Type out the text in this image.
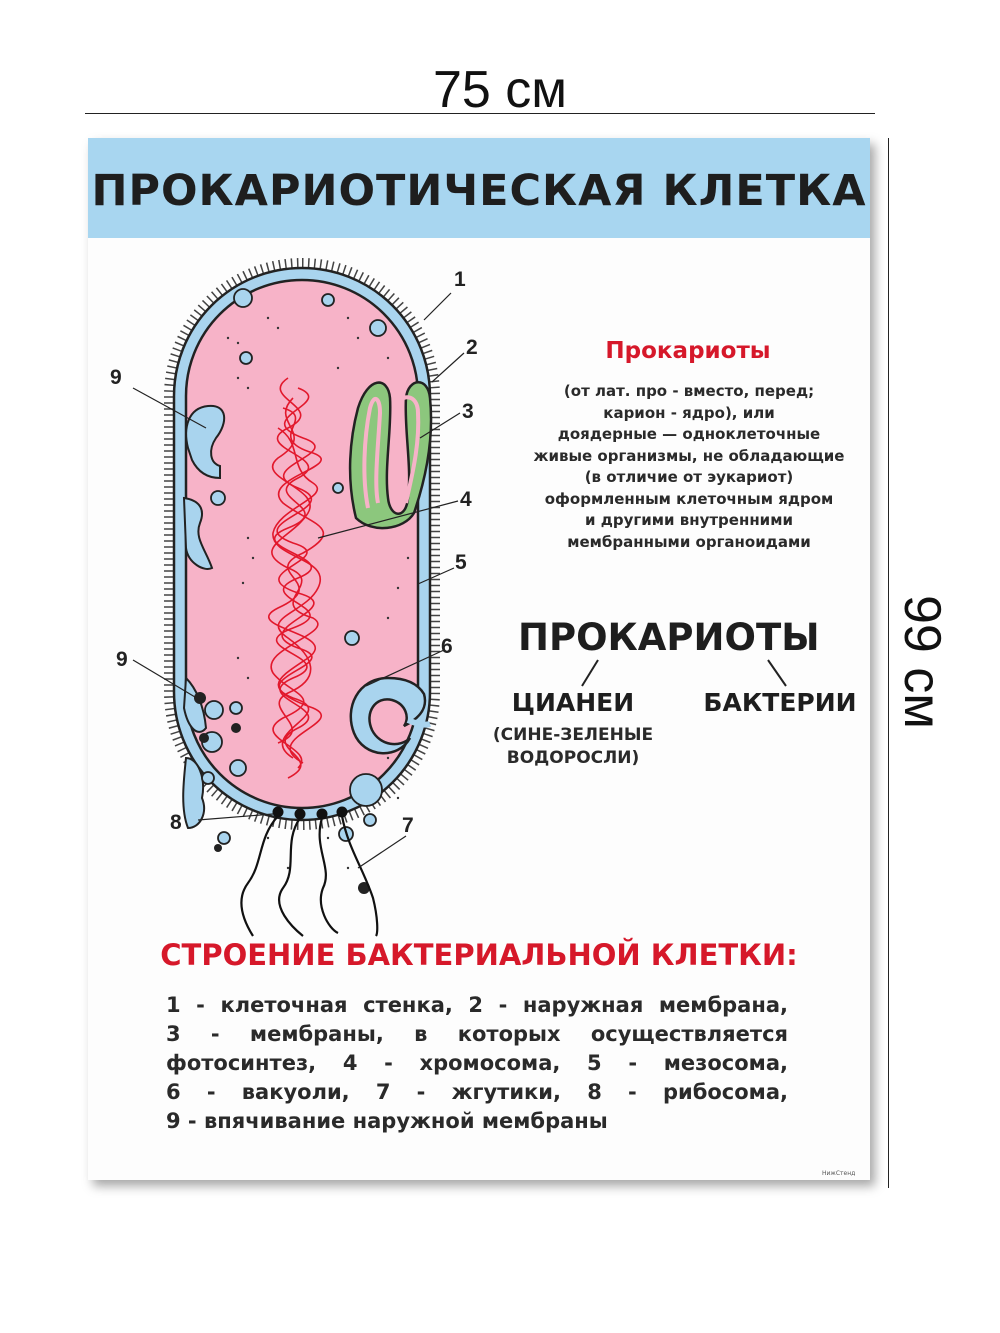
75 см
99 см
ПРОКАРИОТИЧЕСКАЯ КЛЕТКА
1
2
3
4
5
6
7
8
9
9
Прокариоты
(от лат. про - вместо, перед;
карион - ядро), или
доядерные — одноклеточные
живые организмы, не обладающие
(в отличие от эукариот)
оформленным клеточным ядром
и другими внутренними
мембранными органоидами
ПРОКАРИОТЫ
ЦИАНЕИ
(СИНЕ-ЗЕЛЕНЫЕ
ВОДОРОСЛИ)
БАКТЕРИИ
СТРОЕНИЕ БАКТЕРИАЛЬНОЙ КЛЕТКИ:
1 - клеточная стенка, 2 - наружная мембрана,
3 - мембраны, в которых осуществляется
фотосинтез, 4 - хромосома, 5 - мезосома,
6 - вакуоли, 7 - жгутики, 8 - рибосома,
9 - впячивание наружной мембраны
НижСтенд
